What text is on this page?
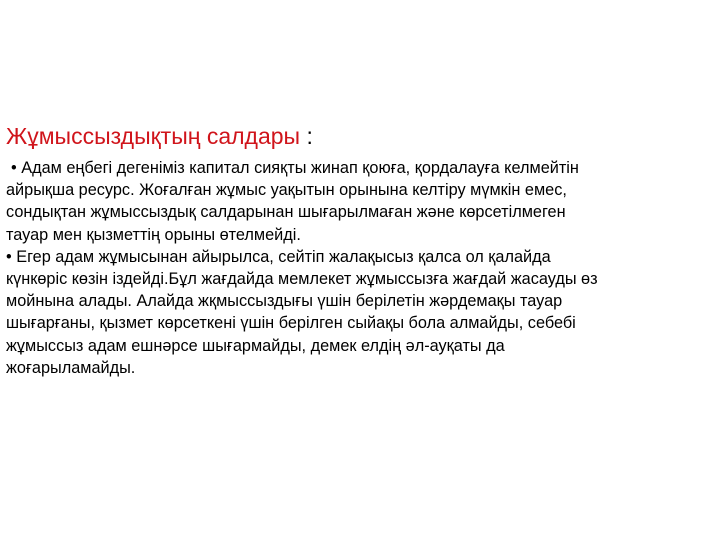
Жұмыссыздықтың салдары :
• Адам еңбегі дегеніміз капитал сияқты жинап қоюға, қордалауға келмейтін
айрықша ресурс. Жоғалған жұмыс уақытын орынына келтіру мүмкін емес,
сондықтан жұмыссыздық салдарынан шығарылмаған және көрсетілмеген
тауар мен қызметтің орыны өтелмейді.
• Егер адам жұмысынан айырылса, сейтіп жалақысыз қалса ол қалайда
күнкөріс көзін іздейді.Бұл жағдайда мемлекет жұмыссызға жағдай жасауды өз
мойнына алады. Алайда жқмыссыздығы үшін берілетін жәрдемақы тауар
шығарғаны, қызмет көрсеткені үшін берілген сыйақы бола алмайды, себебі
жұмыссыз адам ешнәрсе шығармайды, демек елдің әл-ауқаты да
жоғарыламайды.
